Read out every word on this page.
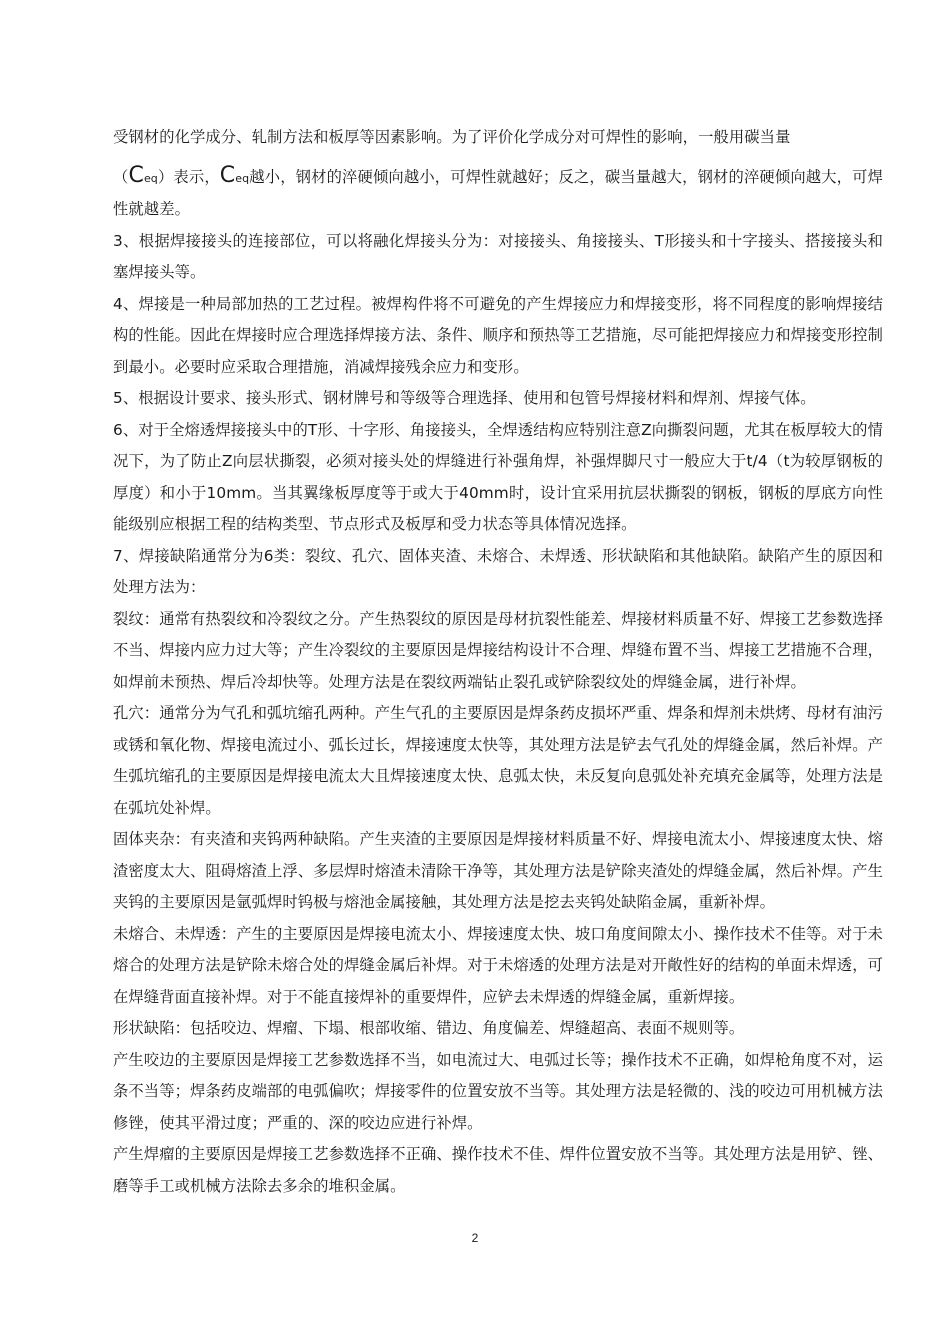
受钢材的化学成分、轧制方法和板厚等因素影响。为了评价化学成分对可焊性的影响，一般用碳当量

（Ceq）表示，Ceq越小，钢材的淬硬倾向越小，可焊性就越好；反之，碳当量越大，钢材的淬硬倾向越大，可焊性就越差。

3、根据焊接接头的连接部位，可以将融化焊接头分为：对接接头、角接接头、T形接头和十字接头、搭接接头和塞焊接头等。

4、焊接是一种局部加热的工艺过程。被焊构件将不可避免的产生焊接应力和焊接变形，将不同程度的影响焊接结构的性能。因此在焊接时应合理选择焊接方法、条件、顺序和预热等工艺措施，尽可能把焊接应力和焊接变形控制到最小。必要时应采取合理措施，消减焊接残余应力和变形。

5、根据设计要求、接头形式、钢材牌号和等级等合理选择、使用和包管号焊接材料和焊剂、焊接气体。

6、对于全熔透焊接接头中的T形、十字形、角接接头，全焊透结构应特别注意Z向撕裂问题，尤其在板厚较大的情况下，为了防止Z向层状撕裂，必须对接头处的焊缝进行补强角焊，补强焊脚尺寸一般应大于t/4（t为较厚钢板的厚度）和小于10mm。当其翼缘板厚度等于或大于40mm时，设计宜采用抗层状撕裂的钢板，钢板的厚底方向性能级别应根据工程的结构类型、节点形式及板厚和受力状态等具体情况选择。

7、焊接缺陷通常分为6类：裂纹、孔穴、固体夹渣、未熔合、未焊透、形状缺陷和其他缺陷。缺陷产生的原因和处理方法为：

裂纹：通常有热裂纹和冷裂纹之分。产生热裂纹的原因是母材抗裂性能差、焊接材料质量不好、焊接工艺参数选择不当、焊接内应力过大等；产生冷裂纹的主要原因是焊接结构设计不合理、焊缝布置不当、焊接工艺措施不合理，如焊前未预热、焊后冷却快等。处理方法是在裂纹两端钻止裂孔或铲除裂纹处的焊缝金属，进行补焊。

孔穴：通常分为气孔和弧坑缩孔两种。产生气孔的主要原因是焊条药皮损坏严重、焊条和焊剂未烘烤、母材有油污或锈和氧化物、焊接电流过小、弧长过长，焊接速度太快等，其处理方法是铲去气孔处的焊缝金属，然后补焊。产生弧坑缩孔的主要原因是焊接电流太大且焊接速度太快、息弧太快，未反复向息弧处补充填充金属等，处理方法是在弧坑处补焊。

固体夹杂：有夹渣和夹钨两种缺陷。产生夹渣的主要原因是焊接材料质量不好、焊接电流太小、焊接速度太快、熔渣密度太大、阻碍熔渣上浮、多层焊时熔渣未清除干净等，其处理方法是铲除夹渣处的焊缝金属，然后补焊。产生夹钨的主要原因是氩弧焊时钨极与熔池金属接触，其处理方法是挖去夹钨处缺陷金属，重新补焊。

未熔合、未焊透：产生的主要原因是焊接电流太小、焊接速度太快、坡口角度间隙太小、操作技术不佳等。对于未熔合的处理方法是铲除未熔合处的焊缝金属后补焊。对于未熔透的处理方法是对开敞性好的结构的单面未焊透，可在焊缝背面直接补焊。对于不能直接焊补的重要焊件，应铲去未焊透的焊缝金属，重新焊接。

形状缺陷：包括咬边、焊瘤、下塌、根部收缩、错边、角度偏差、焊缝超高、表面不规则等。

产生咬边的主要原因是焊接工艺参数选择不当，如电流过大、电弧过长等；操作技术不正确，如焊枪角度不对，运条不当等；焊条药皮端部的电弧偏吹；焊接零件的位置安放不当等。其处理方法是轻微的、浅的咬边可用机械方法修锉，使其平滑过度；严重的、深的咬边应进行补焊。

产生焊瘤的主要原因是焊接工艺参数选择不正确、操作技术不佳、焊件位置安放不当等。其处理方法是用铲、锉、磨等手工或机械方法除去多余的堆积金属。

2
